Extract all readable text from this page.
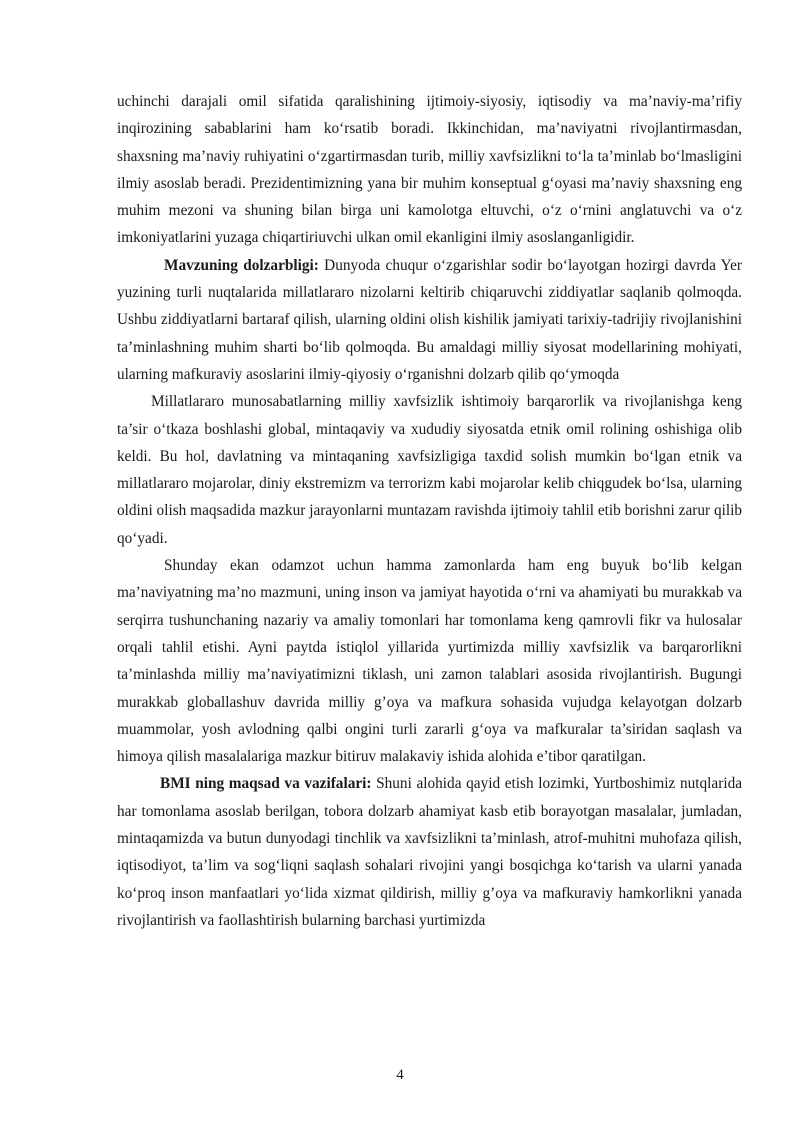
uchinchi darajali omil sifatida qaralishining ijtimoiy-siyosiy, iqtisodiy va ma’naviy-ma’rifiy inqirozining sabablarini ham ko‘rsatib boradi. Ikkinchidan, ma’naviyatni rivojlantirmasdan, shaxsning ma’naviy ruhiyatini o‘zgartirmasdan turib, milliy xavfsizlikni to‘la ta’minlab bo‘lmasligini ilmiy asoslab beradi. Prezidentimizning yana bir muhim konseptual g‘oyasi ma’naviy shaxsning eng muhim mezoni va shuning bilan birga uni kamolotga eltuvchi, o‘z o‘rnini anglatuvchi va o‘z imkoniyatlarini yuzaga chiqartiriuvchi ulkan omil ekanligini ilmiy asoslanganligidir.

Mavzuning dolzarbligi: Dunyoda chuqur o‘zgarishlar sodir bo‘layotgan hozirgi davrda Yer yuzining turli nuqtalarida millatlararo nizolarni keltirib chiqaruvchi ziddiyatlar saqlanib qolmoqda. Ushbu ziddiyatlarni bartaraf qilish, ularning oldini olish kishilik jamiyati tarixiy-tadrijiy rivojlanishini ta’minlashning muhim sharti bo‘lib qolmoqda. Bu amaldagi milliy siyosat modellarining mohiyati, ularning mafkuraviy asoslarini ilmiy-qiyosiy o‘rganishni dolzarb qilib qo‘ymoqda

Millatlararo munosabatlarning milliy xavfsizlik ishtimoiy barqarorlik va rivojlanishga keng ta’sir o‘tkaza boshlashi global, mintaqaviy va xududiy siyosatda etnik omil rolining oshishiga olib keldi. Bu hol, davlatning va mintaqaning xavfsizligiga taxdid solish mumkin bo‘lgan etnik va millatlararo mojarolar, diniy ekstremizm va terrorizm kabi mojarolar kelib chiqgudek bo‘lsa, ularning oldini olish maqsadida mazkur jarayonlarni muntazam ravishda ijtimoiy tahlil etib borishni zarur qilib qo‘yadi.

Shunday ekan odamzot uchun hamma zamonlarda ham eng buyuk bo‘lib kelgan ma’naviyatning ma’no mazmuni, uning inson va jamiyat hayotida o‘rni va ahamiyati bu murakkab va serqirra tushunchaning nazariy va amaliy tomonlari har tomonlama keng qamrovli fikr va hulosalar orqali tahlil etishi. Ayni paytda istiqlol yillarida yurtimizda milliy xavfsizlik va barqarorlikni ta’minlashda milliy ma’naviyatimizni tiklash, uni zamon talablari asosida rivojlantirish. Bugungi murakkab globallashuv davrida milliy g’oya va mafkura sohasida vujudga kelayotgan dolzarb muammolar, yosh avlodning qalbi ongini turli zararli g‘oya va mafkuralar ta’siridan saqlash va himoya qilish masalalariga mazkur bitiruv malakaviy ishida alohida e’tibor qaratilgan.

BMI ning maqsad va vazifalari: Shuni alohida qayid etish lozimki, Yurtboshimiz nutqlarida har tomonlama asoslab berilgan, tobora dolzarb ahamiyat kasb etib borayotgan masalalar, jumladan, mintaqamizda va butun dunyodagi tinchlik va xavfsizlikni ta’minlash, atrof-muhitni muhofaza qilish, iqtisodiyot, ta’lim va sog‘liqni saqlash sohalari rivojini yangi bosqichga ko‘tarish va ularni yanada ko‘proq inson manfaatlari yo‘lida xizmat qildirish, milliy g’oya va mafkuraviy hamkorlikni yanada rivojlantirish va faollashtirish bularning barchasi yurtimizda

4
